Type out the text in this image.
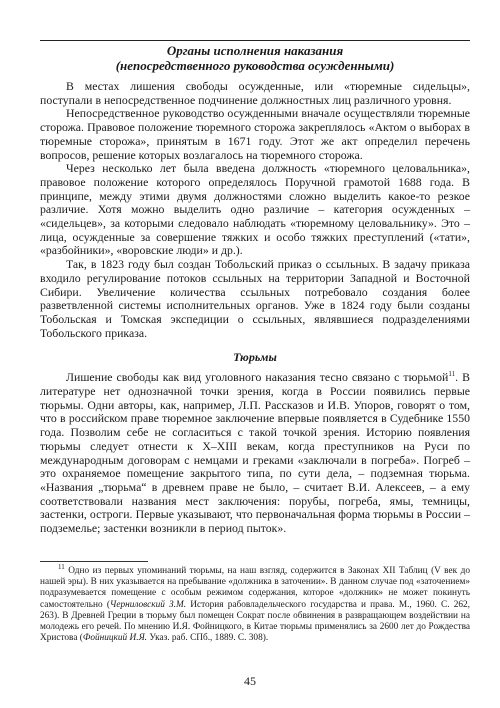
Органы исполнения наказания
(непосредственного руководства осужденными)

В местах лишения свободы осужденные, или «тюремные сидельцы», поступали в непосредственное подчинение должностных лиц различного уровня.

Непосредственное руководство осужденными вначале осуществляли тюремные сторожа. Правовое положение тюремного сторожа закреплялось «Актом о выборах в тюремные сторожа», принятым в 1671 году. Этот же акт определил перечень вопросов, решение которых возлагалось на тюремного сторожа.

Через несколько лет была введена должность «тюремного целовальника», правовое положение которого определялось Поручной грамотой 1688 года. В принципе, между этими двумя должностями сложно выделить какое-то резкое различие. Хотя можно выделить одно различие – категория осужденных – «сидельцев», за которыми следовало наблюдать «тюремному целовальнику». Это – лица, осужденные за совершение тяжких и особо тяжких преступлений («тати», «разбойники», «воровские люди» и др.).

Так, в 1823 году был создан Тобольский приказ о ссыльных. В задачу приказа входило регулирование потоков ссыльных на территории Западной и Восточной Сибири. Увеличение количества ссыльных потребовало создания более разветвленной системы исполнительных органов. Уже в 1824 году были созданы Тобольская и Томская экспедиции о ссыльных, являвшиеся подразделениями Тобольского приказа.

Тюрьмы

Лишение свободы как вид уголовного наказания тесно связано с тюрьмой$^{11}$. В литературе нет однозначной точки зрения, когда в России появились первые тюрьмы. Одни авторы, как, например, Л.П. Рассказов и И.В. Упоров, говорят о том, что в российском праве тюремное заключение впервые появляется в Судебнике 1550 года. Позволим себе не согласиться с такой точкой зрения. Историю появления тюрьмы следует отнести к X–XIII векам, когда преступников на Руси по международным договорам с немцами и греками «заключали в погреба». Погреб – это охраняемое помещение закрытого типа, по сути дела, – подземная тюрьма. «Названия „тюрьма“ в древнем праве не было, – считает В.И. Алексеев, – а ему соответствовали названия мест заключения: порубы, погреба, ямы, темницы, застенки, остроги. Первые указывают, что первоначальная форма тюрьмы в России – подземелье; застенки возникли в период пыток».

$^{11}$ Одно из первых упоминаний тюрьмы, на наш взгляд, содержится в Законах XII Таблиц (V век до нашей эры). В них указывается на пребывание «должника в заточении». В данном случае под «заточением» подразумевается помещение с особым режимом содержания, которое «должник» не может покинуть самостоятельно (Черниловский З.М. История рабовладельческого государства и права. М., 1960. С. 262, 263). В Древней Греции в тюрьму был помещен Сократ после обвинения в развращающем воздействии на молодежь его речей. По мнению И.Я. Фойницкого, в Китае тюрьмы применялись за 2600 лет до Рождества Христова (Фойницкий И.Я. Указ. раб. СПб., 1889. С. 308).

45
